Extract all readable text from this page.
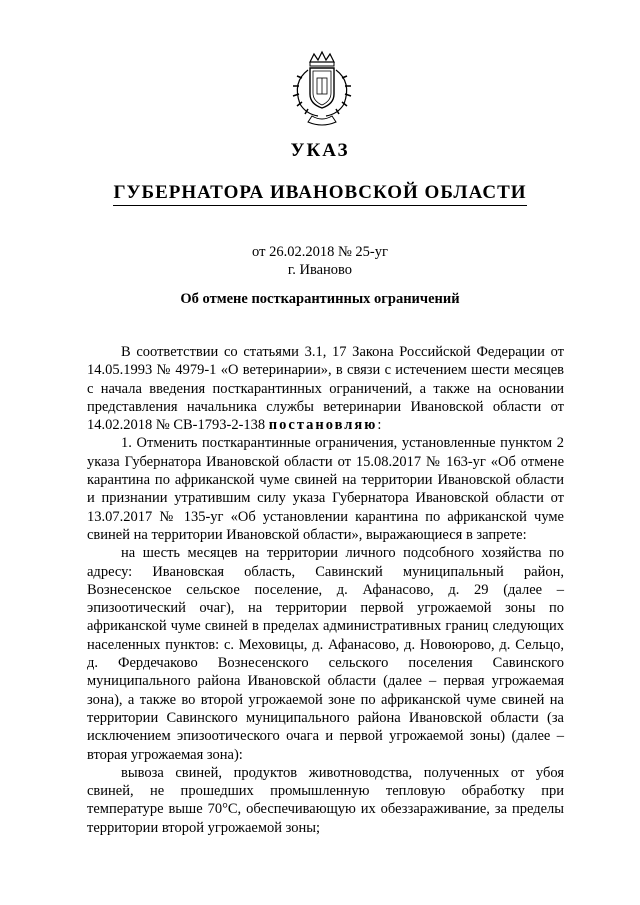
УКАЗ
ГУБЕРНАТОРА ИВАНОВСКОЙ ОБЛАСТИ
от 26.02.2018 № 25-уг
г. Иваново
Об отмене посткарантинных ограничений

В соответствии со статьями 3.1, 17 Закона Российской Федерации от 14.05.1993 № 4979-1 «О ветеринарии», в связи с истечением шести месяцев с начала введения посткарантинных ограничений, а также на основании представления начальника службы ветеринарии Ивановской области от 14.02.2018 № СВ-1793-2-138 постановляю:

1. Отменить посткарантинные ограничения, установленные пунктом 2 указа Губернатора Ивановской области от 15.08.2017 № 163-уг «Об отмене карантина по африканской чуме свиней на территории Ивановской области и признании утратившим силу указа Губернатора Ивановской области от 13.07.2017 № 135-уг «Об установлении карантина по африканской чуме свиней на территории Ивановской области», выражающиеся в запрете:

на шесть месяцев на территории личного подсобного хозяйства по адресу: Ивановская область, Савинский муниципальный район, Вознесенское сельское поселение, д. Афанасово, д. 29 (далее – эпизоотический очаг), на территории первой угрожаемой зоны по африканской чуме свиней в пределах административных границ следующих населенных пунктов: с. Меховицы, д. Афанасово, д. Новоюрово, д. Сельцо, д. Фердечаково Вознесенского сельского поселения Савинского муниципального района Ивановской области (далее – первая угрожаемая зона), а также во второй угрожаемой зоне по африканской чуме свиней на территории Савинского муниципального района Ивановской области (за исключением эпизоотического очага и первой угрожаемой зоны) (далее – вторая угрожаемая зона):

вывоза свиней, продуктов животноводства, полученных от убоя свиней, не прошедших промышленную тепловую обработку при температуре выше 70°С, обеспечивающую их обеззараживание, за пределы территории второй угрожаемой зоны;
